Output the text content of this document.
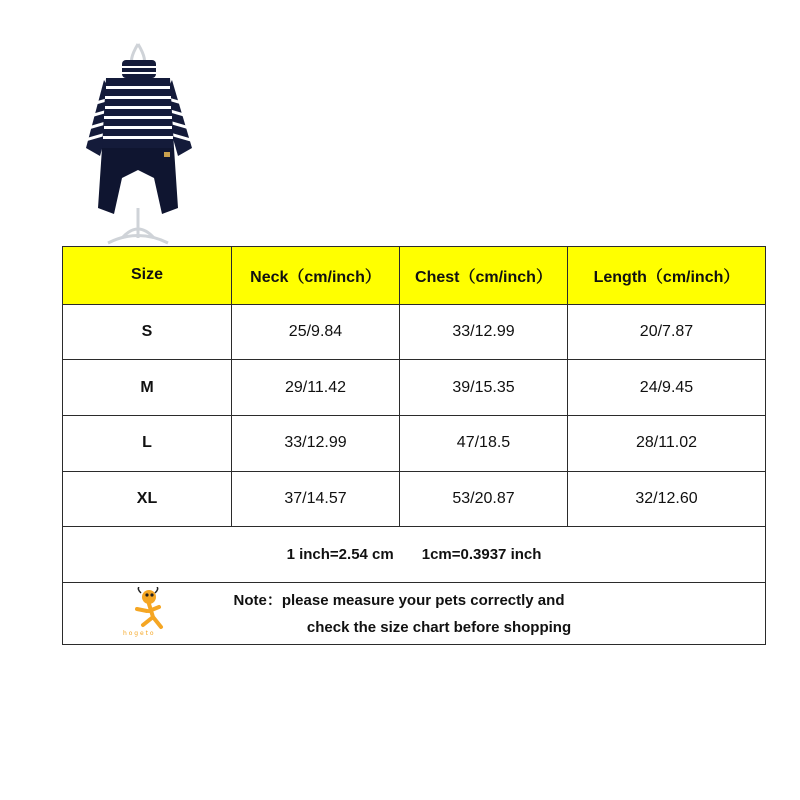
Size	Neck（cm/inch）	Chest（cm/inch）	Length（cm/inch）
S	25/9.84	33/12.99	20/7.87
M	29/11.42	39/15.35	24/9.45
L	33/12.99	47/18.5	28/11.02
XL	37/14.57	53/20.87	32/12.60
1 inch=2.54 cm 1cm=0.3937 inch			

h o g e t o
Note：please measure your pets correctly and
check the size chart before shopping			
